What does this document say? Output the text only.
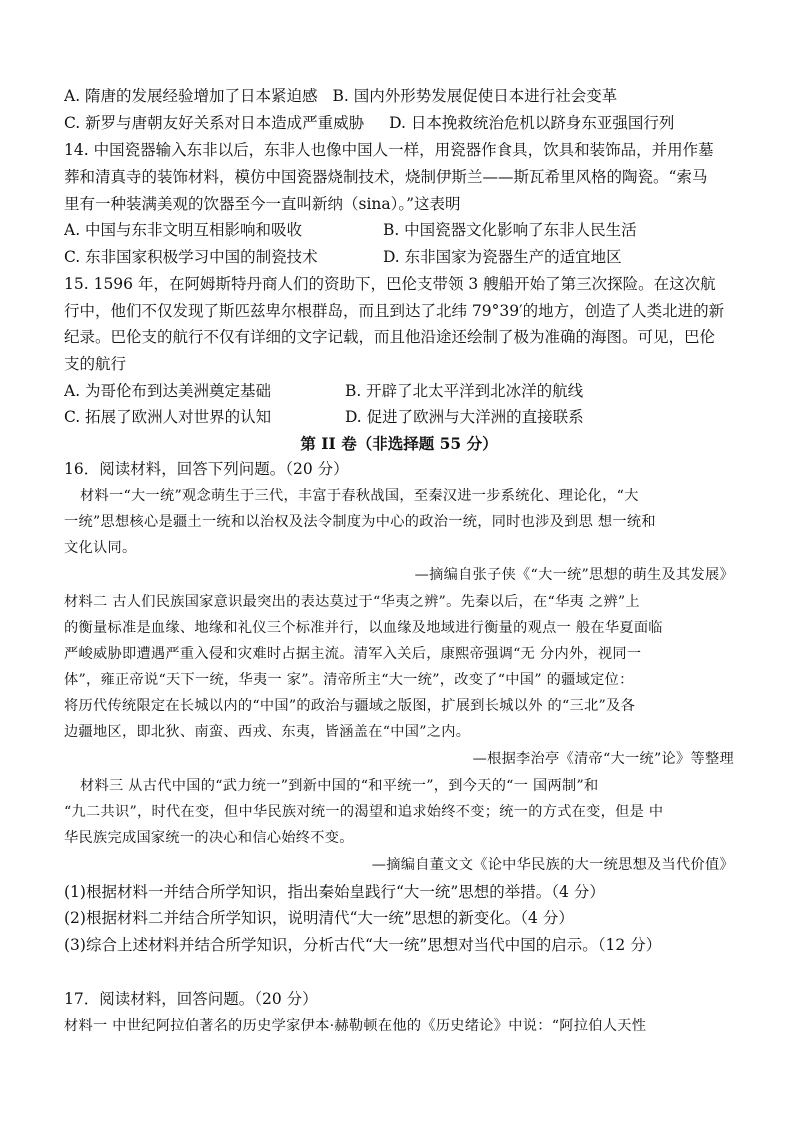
A. 隋唐的发展经验增加了日本紧迫感 B. 国内外形势发展促使日本进行社会变革
C. 新罗与唐朝友好关系对日本造成严重威胁 D. 日本挽救统治危机以跻身东亚强国行列
14. 中国瓷器输入东非以后，东非人也像中国人一样，用瓷器作食具，饮具和装饰品，并用作墓
葬和清真寺的装饰材料，模仿中国瓷器烧制技术，烧制伊斯兰——斯瓦希里风格的陶瓷。“索马
里有一种装满美观的饮器至今一直叫新纳（sina）。”这表明
A. 中国与东非文明互相影响和吸收	B. 中国瓷器文化影响了东非人民生活
C. 东非国家积极学习中国的制瓷技术	D. 东非国家为瓷器生产的适宜地区
15. 1596 年，在阿姆斯特丹商人们的资助下，巴伦支带领 3 艘船开始了第三次探险。在这次航
行中，他们不仅发现了斯匹兹卑尔根群岛，而且到达了北纬 79°39′的地方，创造了人类北进的新
纪录。巴伦支的航行不仅有详细的文字记载，而且他沿途还绘制了极为准确的海图。可见，巴伦
支的航行
A. 为哥伦布到达美洲奠定基础	B. 开辟了北太平洋到北冰洋的航线
C. 拓展了欧洲人对世界的认知	D. 促进了欧洲与大洋洲的直接联系
第 II 卷（非选择题 55 分）
16．阅读材料，回答下列问题。（20 分）
材料一“大一统”观念萌生于三代，丰富于春秋战国，至秦汉进一步系统化、理论化，“大
一统”思想核心是疆土一统和以治权及法令制度为中心的政治一统，同时也涉及到思 想一统和
文化认同。
—摘编自张子侠《“大一统”思想的萌生及其发展》
材料二 古人们民族国家意识最突出的表达莫过于“华夷之辨”。先秦以后，在“华夷 之辨”上
的衡量标准是血缘、地缘和礼仪三个标准并行，以血缘及地域进行衡量的观点一 般在华夏面临
严峻威胁即遭遇严重入侵和灾难时占据主流。清军入关后，康熙帝强调“无 分内外，视同一
体”，雍正帝说“天下一统，华夷一 家”。清帝所主“大一统”，改变了“中国” 的疆域定位：
将历代传统限定在长城以内的“中国”的政治与疆域之版图，扩展到长城以外 的“三北”及各
边疆地区，即北狄、南蛮、西戎、东夷，皆涵盖在“中国”之内。
—根据李治亭《清帝“大一统”论》等整理
材料三 从古代中国的“武力统一”到新中国的“和平统一”，到今天的“一 国两制”和
“九二共识”，时代在变，但中华民族对统一的渴望和追求始终不变；统一的方式在变，但是 中
华民族完成国家统一的决心和信心始终不变。
—摘编自董文文《论中华民族的大一统思想及当代价值》
(1)根据材料一并结合所学知识，指出秦始皇践行“大一统”思想的举措。（4 分）
(2)根据材料二并结合所学知识，说明清代“大一统”思想的新变化。（4 分）
(3)综合上述材料并结合所学知识，分析古代“大一统”思想对当代中国的启示。（12 分）
17．阅读材料，回答问题。（20 分）
材料一 中世纪阿拉伯著名的历史学家伊本·赫勒顿在他的《历史绪论》中说：“阿拉伯人天性
